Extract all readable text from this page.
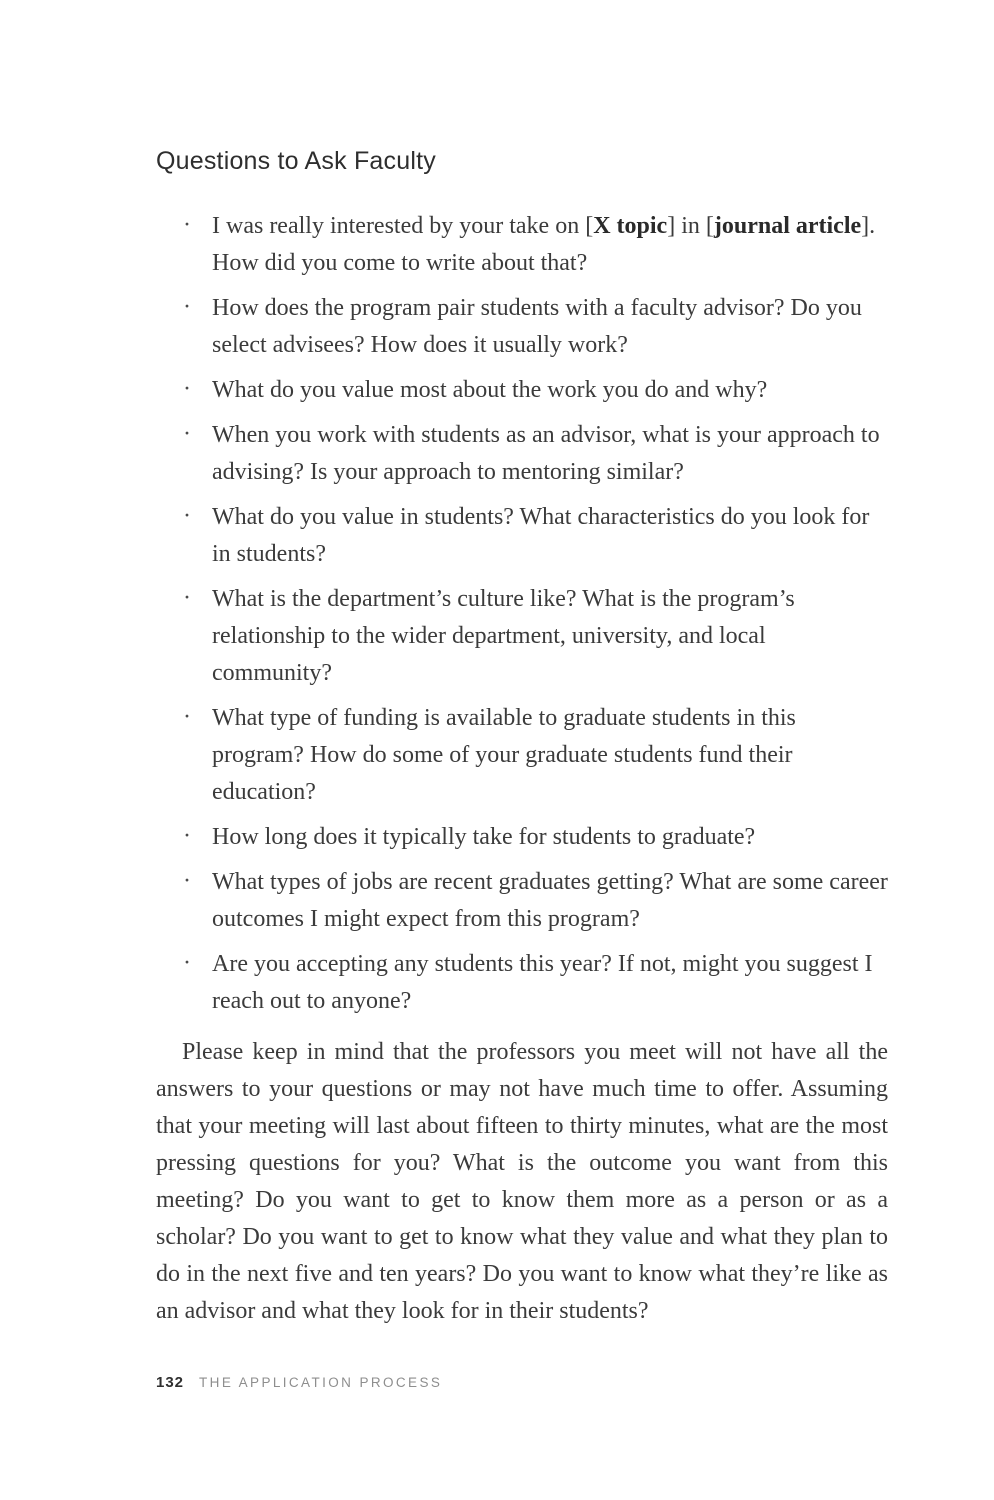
Questions to Ask Faculty
· I was really interested by your take on [X topic] in [journal article]. How did you come to write about that?
· How does the program pair students with a faculty advisor? Do you select advisees? How does it usually work?
· What do you value most about the work you do and why?
· When you work with students as an advisor, what is your approach to advising? Is your approach to mentoring similar?
· What do you value in students? What characteristics do you look for in students?
· What is the department’s culture like? What is the program’s relationship to the wider department, university, and local community?
· What type of funding is available to graduate students in this program? How do some of your graduate students fund their education?
· How long does it typically take for students to graduate?
· What types of jobs are recent graduates getting? What are some career outcomes I might expect from this program?
· Are you accepting any students this year? If not, might you suggest I reach out to anyone?

Please keep in mind that the professors you meet will not have all the answers to your questions or may not have much time to offer. Assuming that your meeting will last about fifteen to thirty minutes, what are the most pressing questions for you? What is the outcome you want from this meeting? Do you want to get to know them more as a person or as a scholar? Do you want to get to know what they value and what they plan to do in the next five and ten years? Do you want to know what they’re like as an advisor and what they look for in their students?

132 THE APPLICATION PROCESS
